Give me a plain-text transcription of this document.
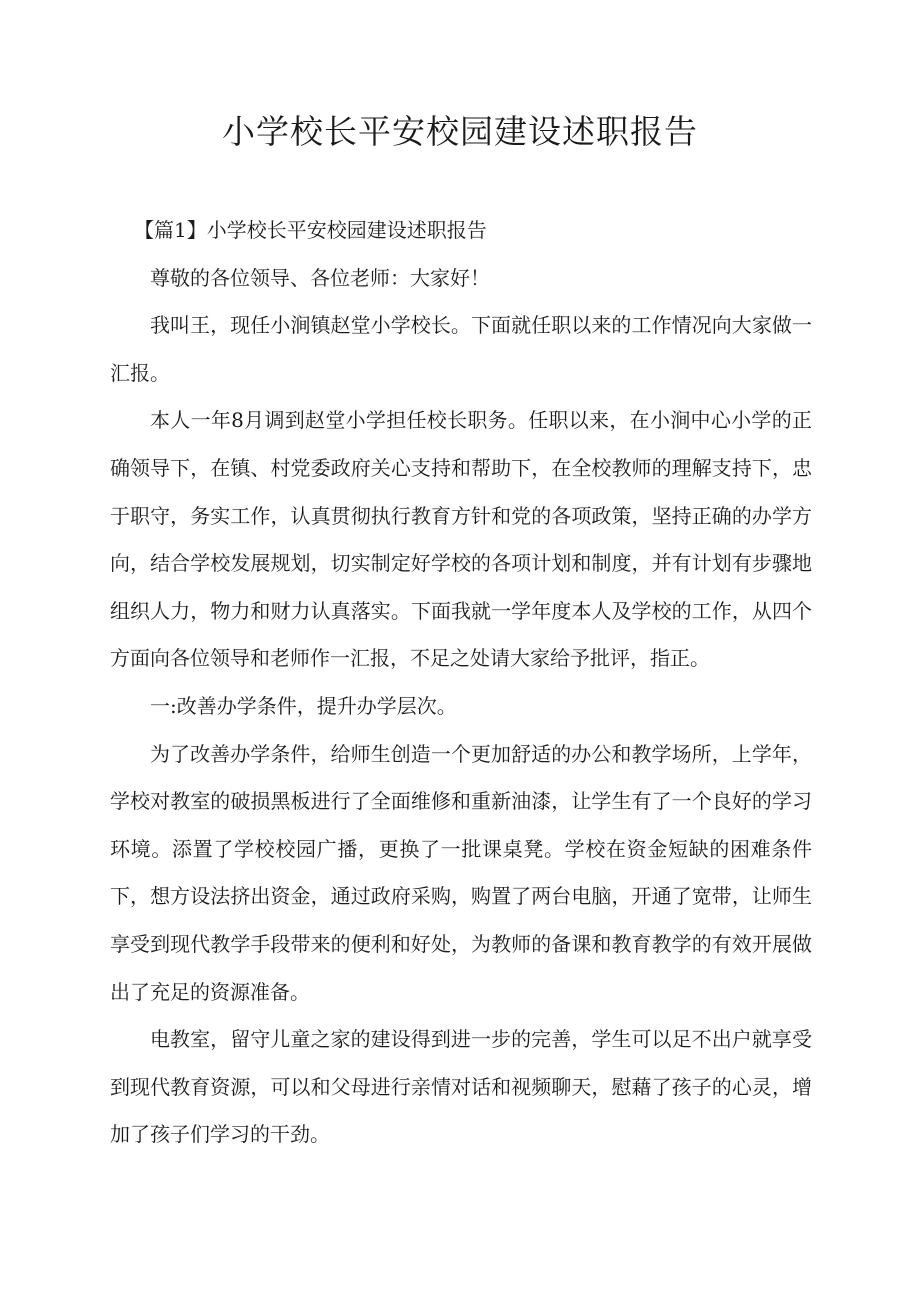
小学校长平安校园建设述职报告

【篇1】小学校长平安校园建设述职报告

尊敬的各位领导、各位老师：大家好！

我叫王，现任小涧镇赵堂小学校长。下面就任职以来的工作情况向大家做一汇报。

本人一年8月调到赵堂小学担任校长职务。任职以来，在小涧中心小学的正确领导下，在镇、村党委政府关心支持和帮助下，在全校教师的理解支持下，忠于职守，务实工作，认真贯彻执行教育方针和党的各项政策，坚持正确的办学方向，结合学校发展规划，切实制定好学校的各项计划和制度，并有计划有步骤地组织人力，物力和财力认真落实。下面我就一学年度本人及学校的工作，从四个方面向各位领导和老师作一汇报，不足之处请大家给予批评，指正。

一:改善办学条件，提升办学层次。

为了改善办学条件，给师生创造一个更加舒适的办公和教学场所，上学年，学校对教室的破损黑板进行了全面维修和重新油漆，让学生有了一个良好的学习环境。添置了学校校园广播，更换了一批课桌凳。学校在资金短缺的困难条件下，想方设法挤出资金，通过政府采购，购置了两台电脑，开通了宽带，让师生享受到现代教学手段带来的便利和好处，为教师的备课和教育教学的有效开展做出了充足的资源准备。

电教室，留守儿童之家的建设得到进一步的完善，学生可以足不出户就享受到现代教育资源，可以和父母进行亲情对话和视频聊天，慰藉了孩子的心灵，增加了孩子们学习的干劲。
